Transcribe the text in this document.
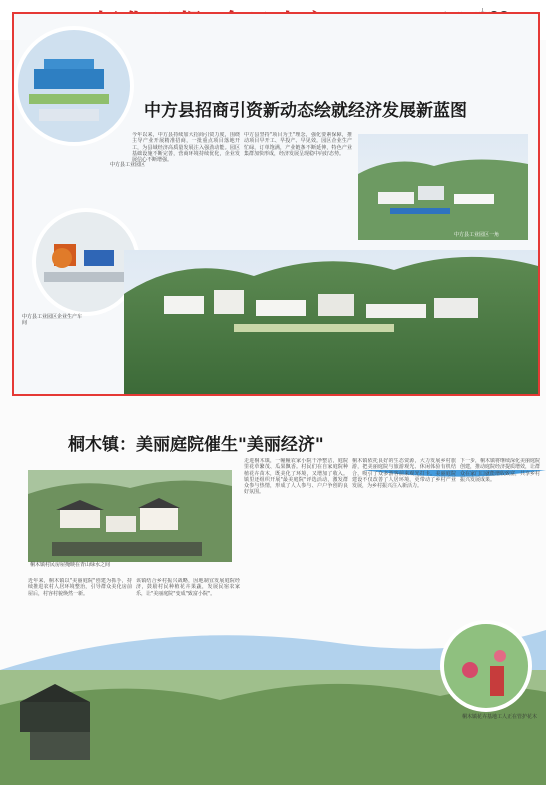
中方县招商引资新动态绘就经济发展新蓝图
中方县工业园区
中方县工业园区企业生产车间
中方县工业园区一角
今年以来，中方县持续加大招商引资力度，围绕主导产业开展精准招商，一批重点项目落地开工，为县域经济高质量发展注入强劲动能。园区基础设施不断完善，营商环境持续优化，企业发展信心不断增强。
中方县坚持"项目为王"理念，强化要素保障，推动项目早开工、早投产、早见效。园区企业生产忙碌，订单饱满，产业链条不断延伸，特色产业集群加快形成，经济发展呈现稳中向好态势。
桐木镇：美丽庭院催生"美丽经济"
桐木镇村民房屋掩映在青山绿水之间
桐木镇花卉基地工人正在管护花木
近年来，桐木镇以"美丽庭院"创建为抓手，持续推进农村人居环境整治，引导群众美化房前屋后，村容村貌焕然一新。
该镇结合乡村振兴战略，因地制宜发展庭院经济，鼓励村民种植花卉果蔬，发展民宿农家乐，让"美丽庭院"变成"致富小院"。
走进桐木镇，一幢幢农家小院干净整洁，庭院里花草繁茂、瓜果飘香。村民们在自家庭院种植花卉苗木，既美化了环境，又增加了收入。镇里还组织开展"最美庭院"评选活动，激发群众参与热情，形成了人人参与、户户争创的良好氛围。
桐木镇依托良好的生态资源，大力发展乡村旅游，把美丽庭院与旅游观光、休闲体验有机结合，吸引了众多游客前来观光打卡。美丽庭院建设不仅改善了人居环境，更带动了乡村产业发展，为乡村振兴注入新活力。
下一步，桐木镇将继续深化美丽庭院创建，推动庭院经济提质增效，让群众在家门口就能增收致富，共享乡村振兴发展成果。
